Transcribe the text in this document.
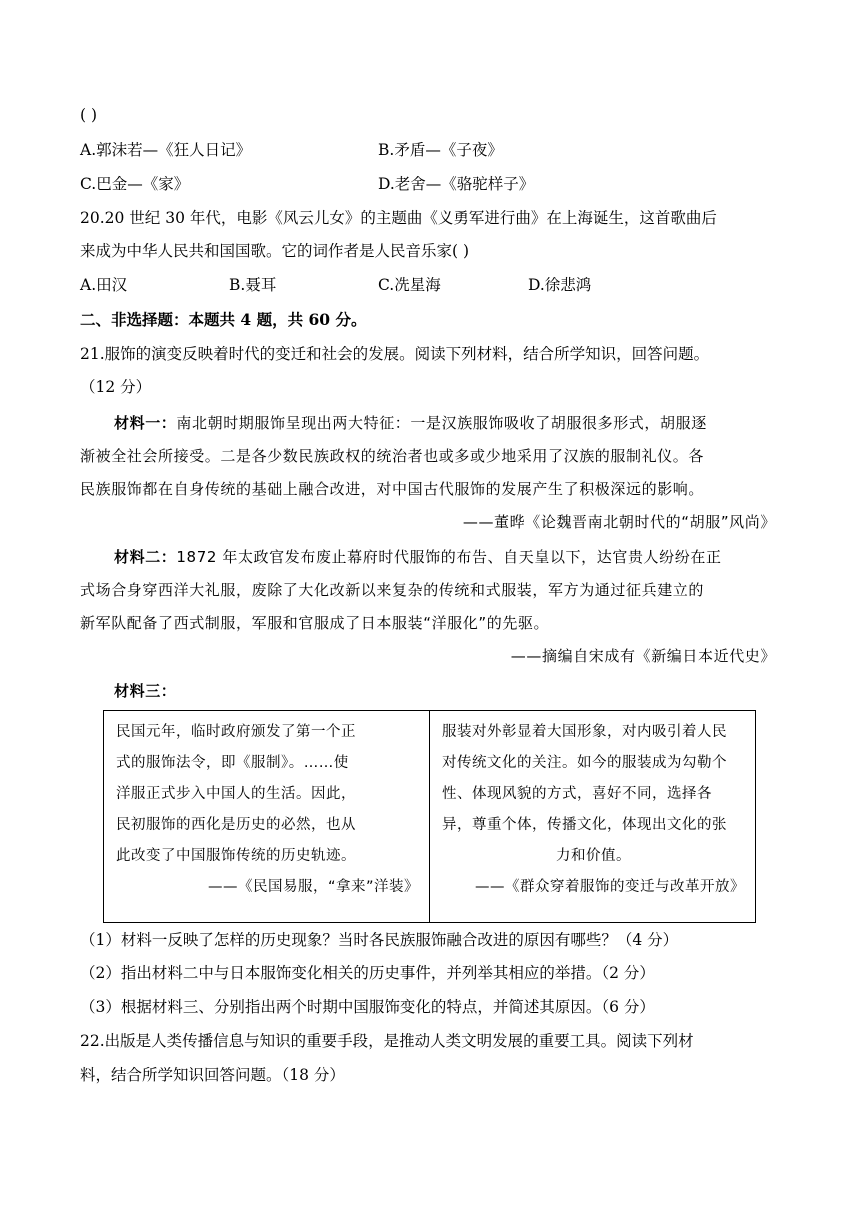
( )
A.郭沫若—《狂人日记》	B.矛盾—《子夜》
C.巴金—《家》	D.老舍—《骆驼样子》
20.20 世纪 30 年代，电影《风云儿女》的主题曲《义勇军进行曲》在上海诞生，这首歌曲后
来成为中华人民共和国国歌。它的词作者是人民音乐家( )
A.田汉	B.聂耳	C.冼星海	D.徐悲鸿
二、非选择题：本题共 4 题，共 60 分。
21.服饰的演变反映着时代的变迁和社会的发展。阅读下列材料，结合所学知识，回答问题。
（12 分）
材料一：南北朝时期服饰呈现出两大特征：一是汉族服饰吸收了胡服很多形式，胡服逐
渐被全社会所接受。二是各少数民族政权的统治者也或多或少地采用了汉族的服制礼仪。各
民族服饰都在自身传统的基础上融合改进，对中国古代服饰的发展产生了积极深远的影响。
——董晔《论魏晋南北朝时代的“胡服”风尚》
材料二：1872 年太政官发布废止幕府时代服饰的布告、自天皇以下，达官贵人纷纷在正
式场合身穿西洋大礼服，废除了大化改新以来复杂的传统和式服装，军方为通过征兵建立的
新军队配备了西式制服，军服和官服成了日本服装“洋服化”的先驱。
——摘编自宋成有《新编日本近代史》
材料三：
民国元年，临时政府颁发了第一个正
式的服饰法令，即《服制》。……使
洋服正式步入中国人的生活。因此，
民初服饰的西化是历史的必然，也从
此改变了中国服饰传统的历史轨迹。
——《民国易服，“拿来”洋装》

服装对外彰显着大国形象，对内吸引着人民
对传统文化的关注。如今的服装成为勾勒个
性、体现风貌的方式，喜好不同，选择各
异，尊重个体，传播文化，体现出文化的张
力和价值。
——《群众穿着服饰的变迁与改革开放》
（1）材料一反映了怎样的历史现象？当时各民族服饰融合改进的原因有哪些？（4 分）
（2）指出材料二中与日本服饰变化相关的历史事件，并列举其相应的举措。（2 分）
（3）根据材料三、分别指出两个时期中国服饰变化的特点，并简述其原因。（6 分）
22.出版是人类传播信息与知识的重要手段，是推动人类文明发展的重要工具。阅读下列材
料，结合所学知识回答问题。（18 分）
